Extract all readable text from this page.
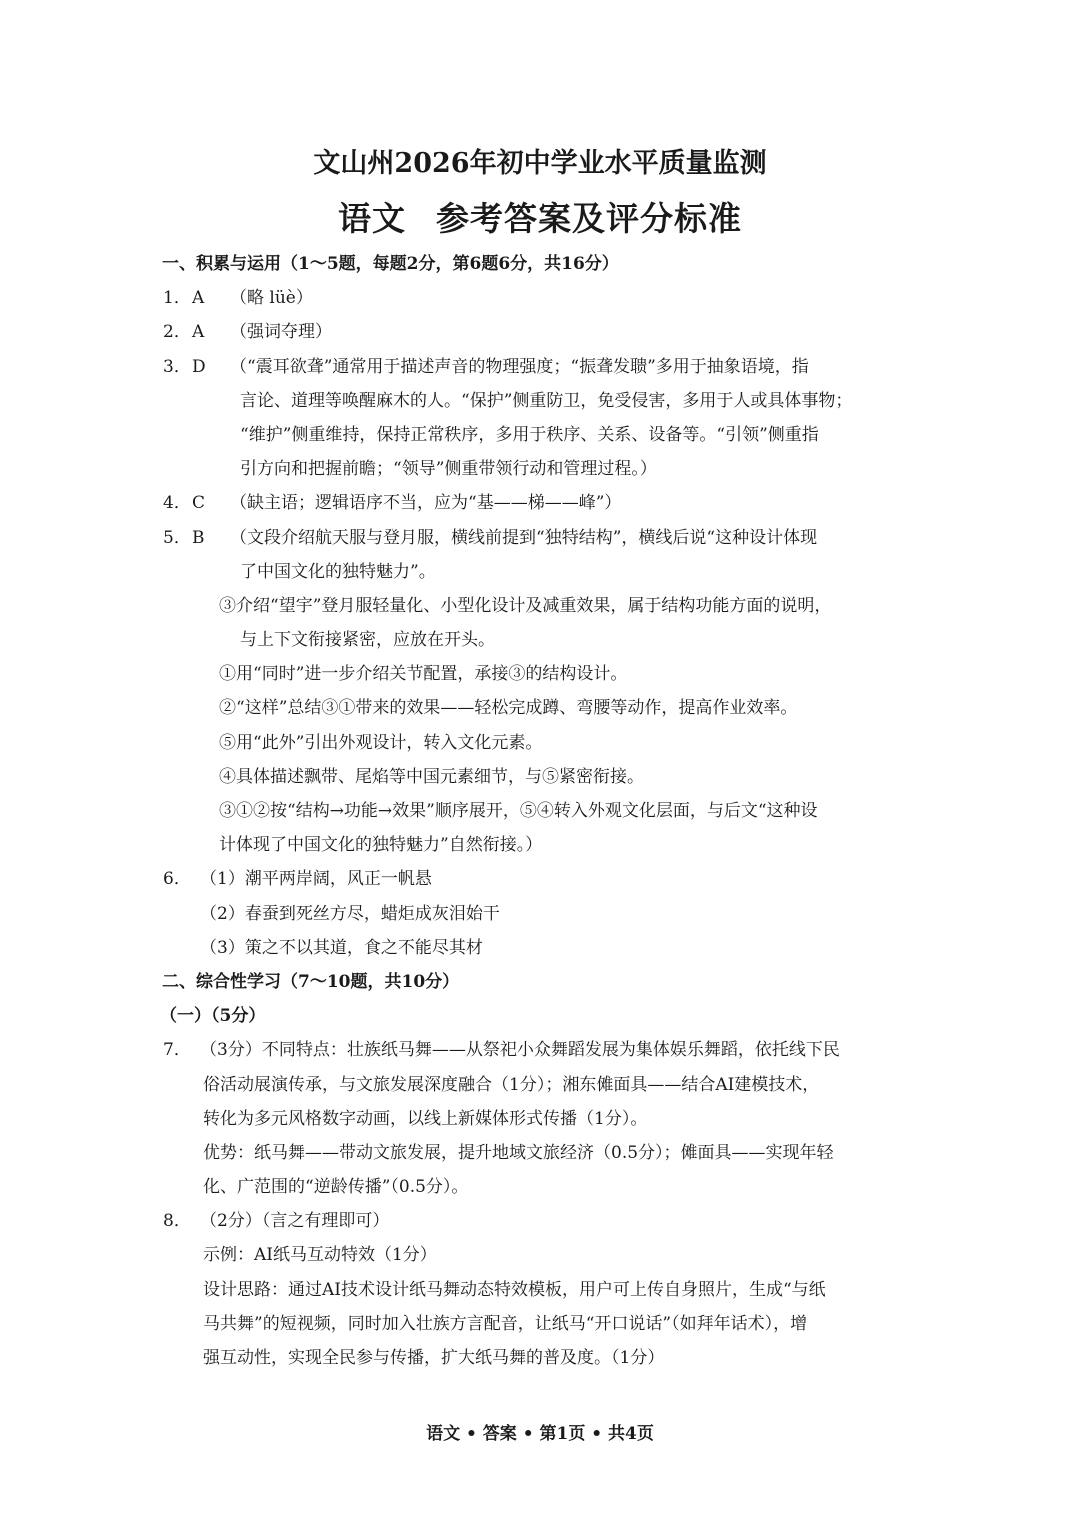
文山州2026年初中学业水平质量监测
语文 参考答案及评分标准
一、积累与运用（1～5题，每题2分，第6题6分，共16分）
1． A （略 lüè）
2． A （强词夺理）
3． D （“震耳欲聋”通常用于描述声音的物理强度；“振聋发聩”多用于抽象语境，指
言论、道理等唤醒麻木的人。“保护”侧重防卫，免受侵害，多用于人或具体事物；
“维护”侧重维持，保持正常秩序，多用于秩序、关系、设备等。“引领”侧重指
引方向和把握前瞻；“领导”侧重带领行动和管理过程。）
4． C （缺主语；逻辑语序不当，应为“基——梯——峰”）
5． B （文段介绍航天服与登月服，横线前提到“独特结构”，横线后说“这种设计体现
了中国文化的独特魅力”。
③介绍“望宇”登月服轻量化、小型化设计及减重效果，属于结构功能方面的说明，
与上下文衔接紧密，应放在开头。
①用“同时”进一步介绍关节配置，承接③的结构设计。
②“这样”总结③①带来的效果——轻松完成蹲、弯腰等动作，提高作业效率。
⑤用“此外”引出外观设计，转入文化元素。
④具体描述飘带、尾焰等中国元素细节，与⑤紧密衔接。
③①②按“结构→功能→效果”顺序展开，⑤④转入外观文化层面，与后文“这种设
计体现了中国文化的独特魅力”自然衔接。）
6． （1）潮平两岸阔，风正一帆悬
（2）春蚕到死丝方尽，蜡炬成灰泪始干
（3）策之不以其道，食之不能尽其材
二、综合性学习（7～10题，共10分）
（一）（5分）
7． （3分）不同特点：壮族纸马舞——从祭祀小众舞蹈发展为集体娱乐舞蹈，依托线下民
俗活动展演传承，与文旅发展深度融合（1分）；湘东傩面具——结合AI建模技术，
转化为多元风格数字动画，以线上新媒体形式传播（1分）。
优势：纸马舞——带动文旅发展，提升地域文旅经济（0.5分）；傩面具——实现年轻
化、广范围的“逆龄传播”（0.5分）。
8． （2分）（言之有理即可）
示例：AI纸马互动特效（1分）
设计思路：通过AI技术设计纸马舞动态特效模板，用户可上传自身照片，生成“与纸
马共舞”的短视频，同时加入壮族方言配音，让纸马“开口说话”（如拜年话术），增
强互动性，实现全民参与传播，扩大纸马舞的普及度。（1分）
语文 • 答案 • 第1页 • 共4页
